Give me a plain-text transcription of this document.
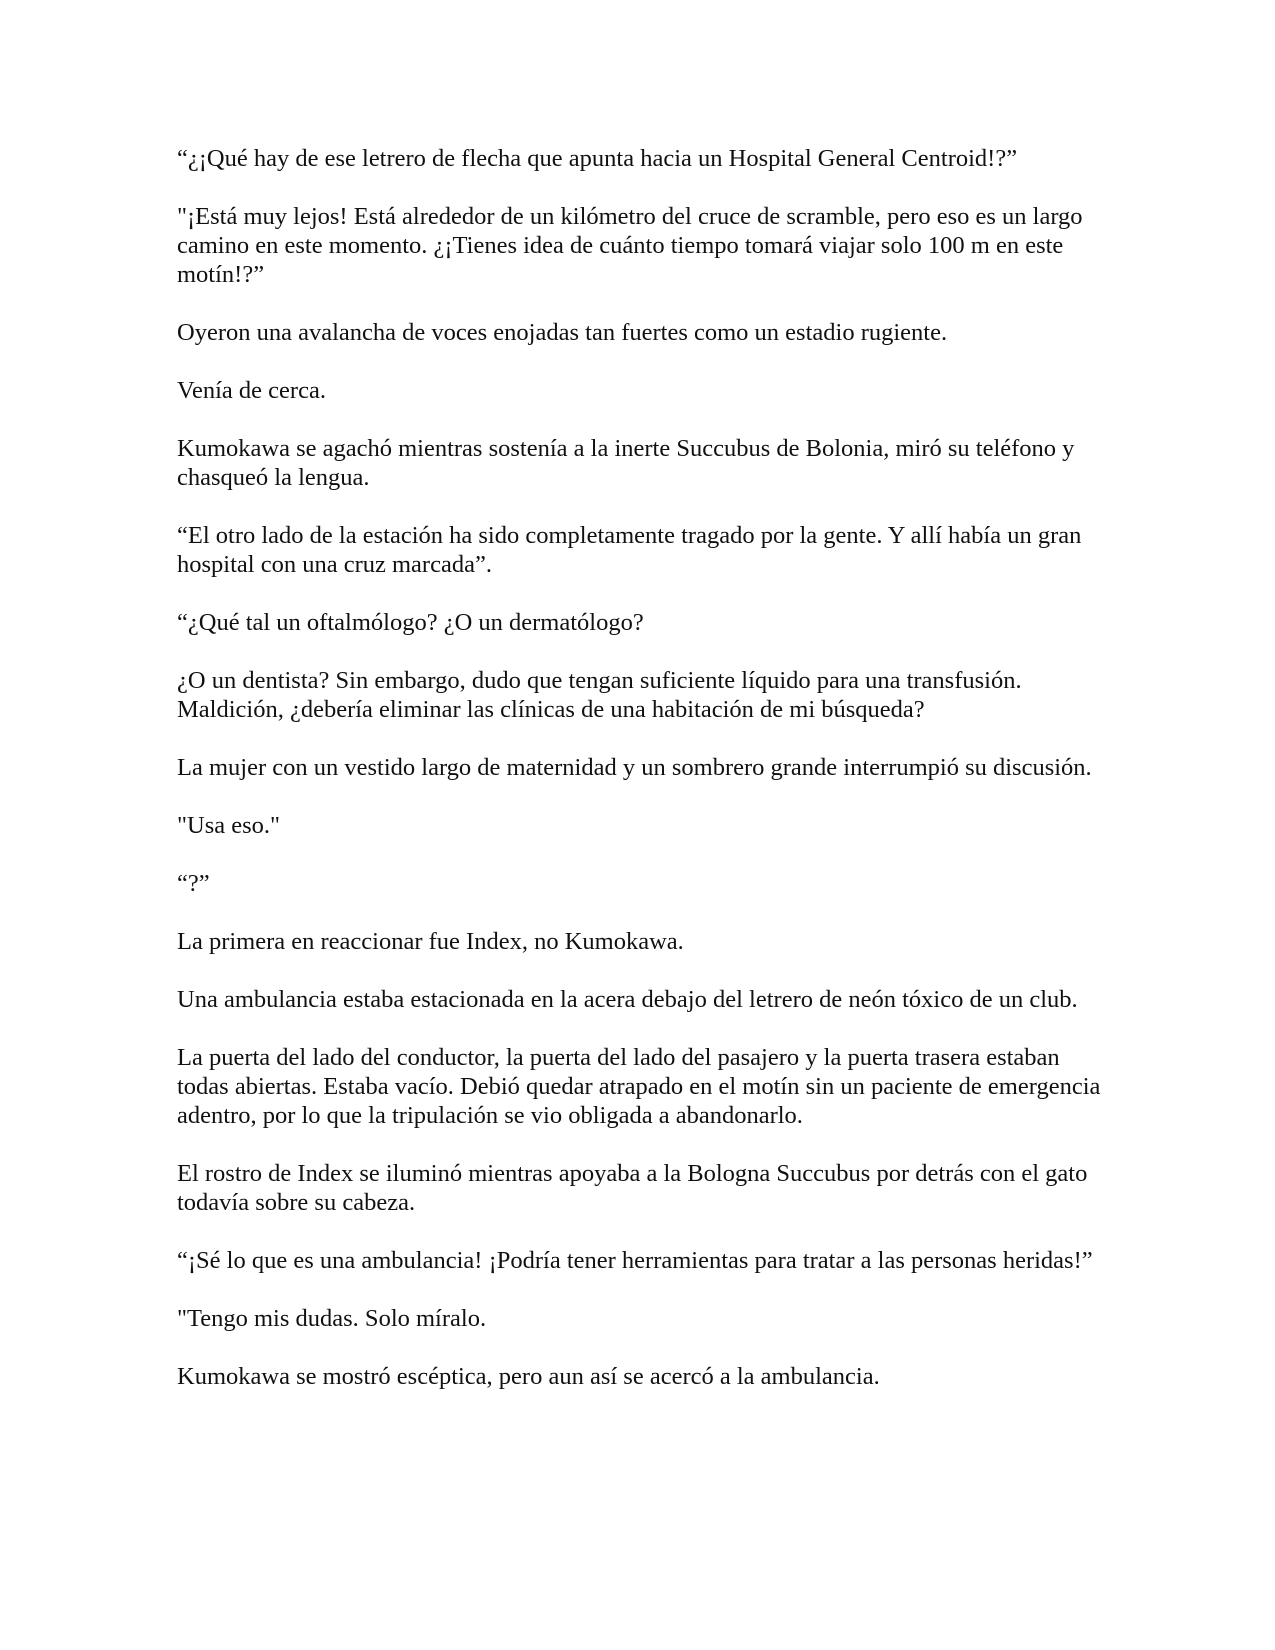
“¿¡Qué hay de ese letrero de flecha que apunta hacia un Hospital General Centroid!?”

"¡Está muy lejos! Está alrededor de un kilómetro del cruce de scramble, pero eso es un largo camino en este momento. ¿¡Tienes idea de cuánto tiempo tomará viajar solo 100 m en este motín!?”

Oyeron una avalancha de voces enojadas tan fuertes como un estadio rugiente.

Venía de cerca.

Kumokawa se agachó mientras sostenía a la inerte Succubus de Bolonia, miró su teléfono y chasqueó la lengua.

“El otro lado de la estación ha sido completamente tragado por la gente. Y allí había un gran hospital con una cruz marcada”.

“¿Qué tal un oftalmólogo? ¿O un dermatólogo?

¿O un dentista? Sin embargo, dudo que tengan suficiente líquido para una transfusión. Maldición, ¿debería eliminar las clínicas de una habitación de mi búsqueda?

La mujer con un vestido largo de maternidad y un sombrero grande interrumpió su discusión.

"Usa eso."

“?”

La primera en reaccionar fue Index, no Kumokawa.

Una ambulancia estaba estacionada en la acera debajo del letrero de neón tóxico de un club.

La puerta del lado del conductor, la puerta del lado del pasajero y la puerta trasera estaban todas abiertas. Estaba vacío. Debió quedar atrapado en el motín sin un paciente de emergencia adentro, por lo que la tripulación se vio obligada a abandonarlo.

El rostro de Index se iluminó mientras apoyaba a la Bologna Succubus por detrás con el gato todavía sobre su cabeza.

“¡Sé lo que es una ambulancia! ¡Podría tener herramientas para tratar a las personas heridas!”

"Tengo mis dudas. Solo míralo.

Kumokawa se mostró escéptica, pero aun así se acercó a la ambulancia.
